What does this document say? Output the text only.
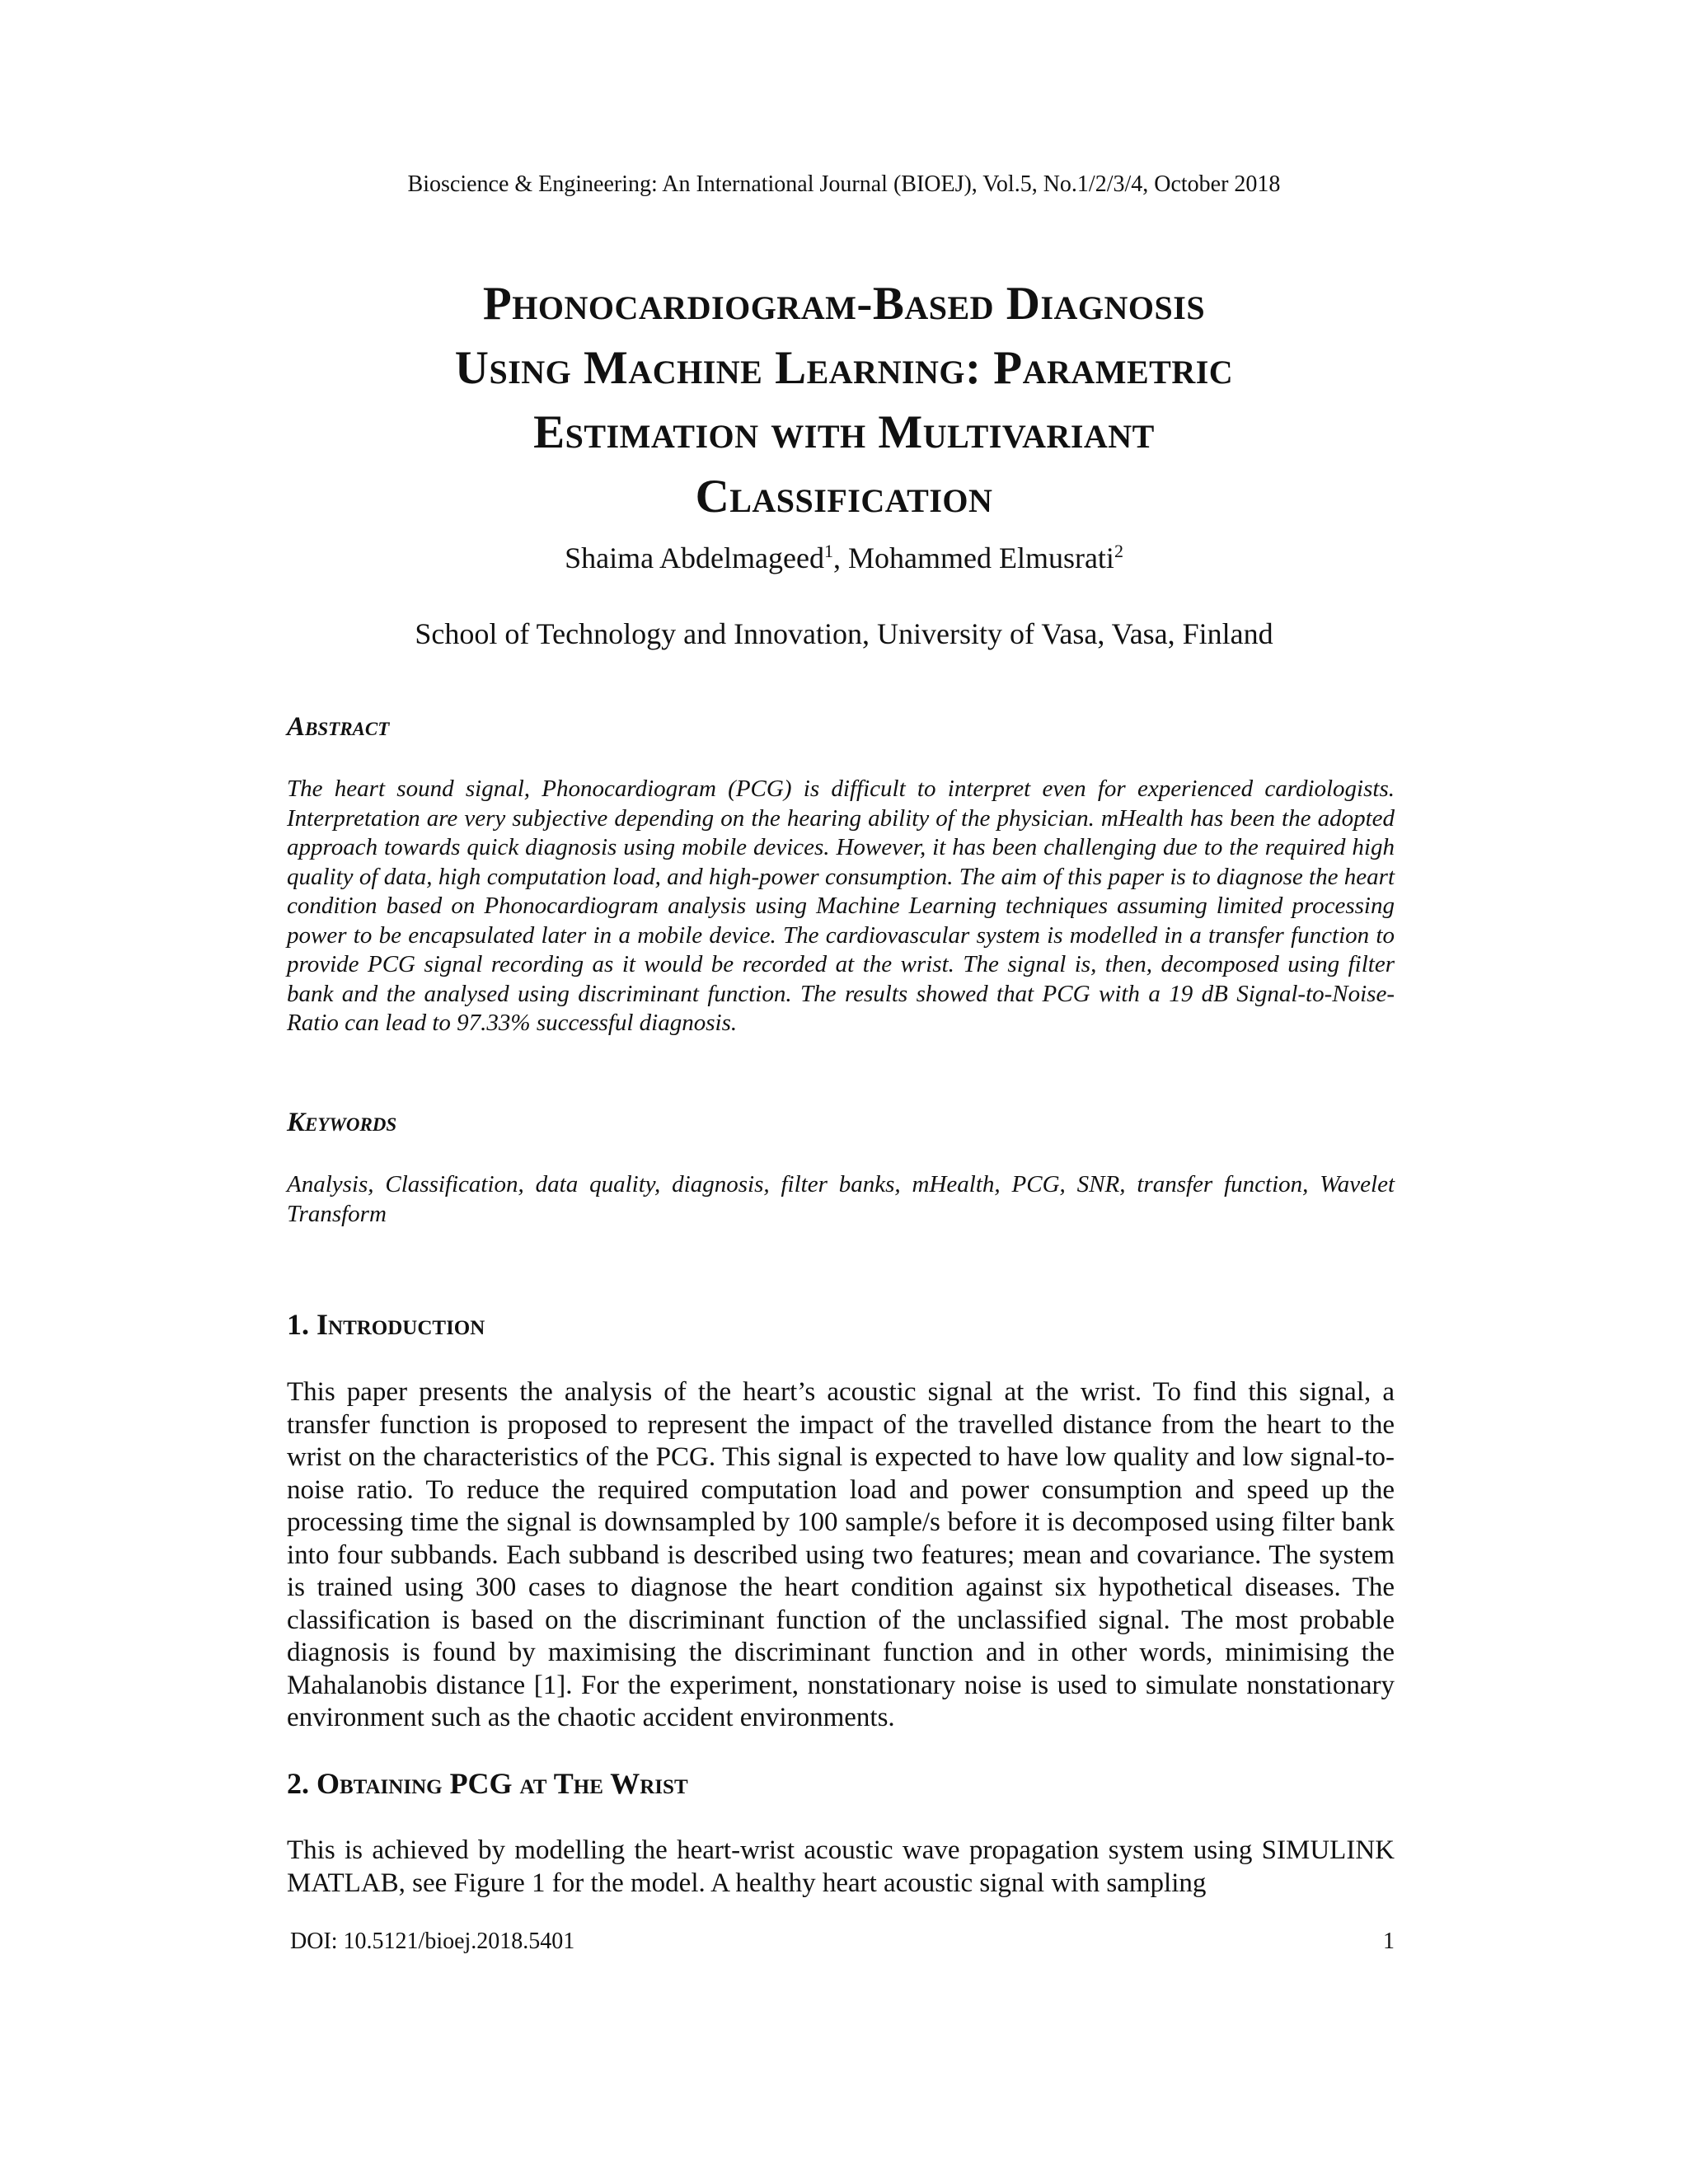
Bioscience & Engineering: An International Journal (BIOEJ), Vol.5, No.1/2/3/4, October 2018
Phonocardiogram-Based Diagnosis
Using Machine Learning: Parametric
Estimation with Multivariant
Classification
Shaima Abdelmageed$^1$, Mohammed Elmusrati$^2$
School of Technology and Innovation, University of Vasa, Vasa, Finland
Abstract
The heart sound signal, Phonocardiogram (PCG) is difficult to interpret even for experienced cardiologists. Interpretation are very subjective depending on the hearing ability of the physician. mHealth has been the adopted approach towards quick diagnosis using mobile devices. However, it has been challenging due to the required high quality of data, high computation load, and high-power consumption. The aim of this paper is to diagnose the heart condition based on Phonocardiogram analysis using Machine Learning techniques assuming limited processing power to be encapsulated later in a mobile device. The cardiovascular system is modelled in a transfer function to provide PCG signal recording as it would be recorded at the wrist. The signal is, then, decomposed using filter bank and the analysed using discriminant function. The results showed that PCG with a 19 dB Signal-to-Noise-Ratio can lead to 97.33% successful diagnosis.
Keywords
Analysis, Classification, data quality, diagnosis, filter banks, mHealth, PCG, SNR, transfer function, Wavelet Transform
1. Introduction
This paper presents the analysis of the heart’s acoustic signal at the wrist. To find this signal, a transfer function is proposed to represent the impact of the travelled distance from the heart to the wrist on the characteristics of the PCG. This signal is expected to have low quality and low signal-to-noise ratio. To reduce the required computation load and power consumption and speed up the processing time the signal is downsampled by 100 sample/s before it is decomposed using filter bank into four subbands. Each subband is described using two features; mean and covariance. The system is trained using 300 cases to diagnose the heart condition against six hypothetical diseases. The classification is based on the discriminant function of the unclassified signal. The most probable diagnosis is found by maximising the discriminant function and in other words, minimising the Mahalanobis distance [1]. For the experiment, nonstationary noise is used to simulate nonstationary environment such as the chaotic accident environments.
2. Obtaining PCG at The Wrist
This is achieved by modelling the heart-wrist acoustic wave propagation system using SIMULINK MATLAB, see Figure 1 for the model. A healthy heart acoustic signal with sampling
DOI: 10.5121/bioej.2018.5401	1
